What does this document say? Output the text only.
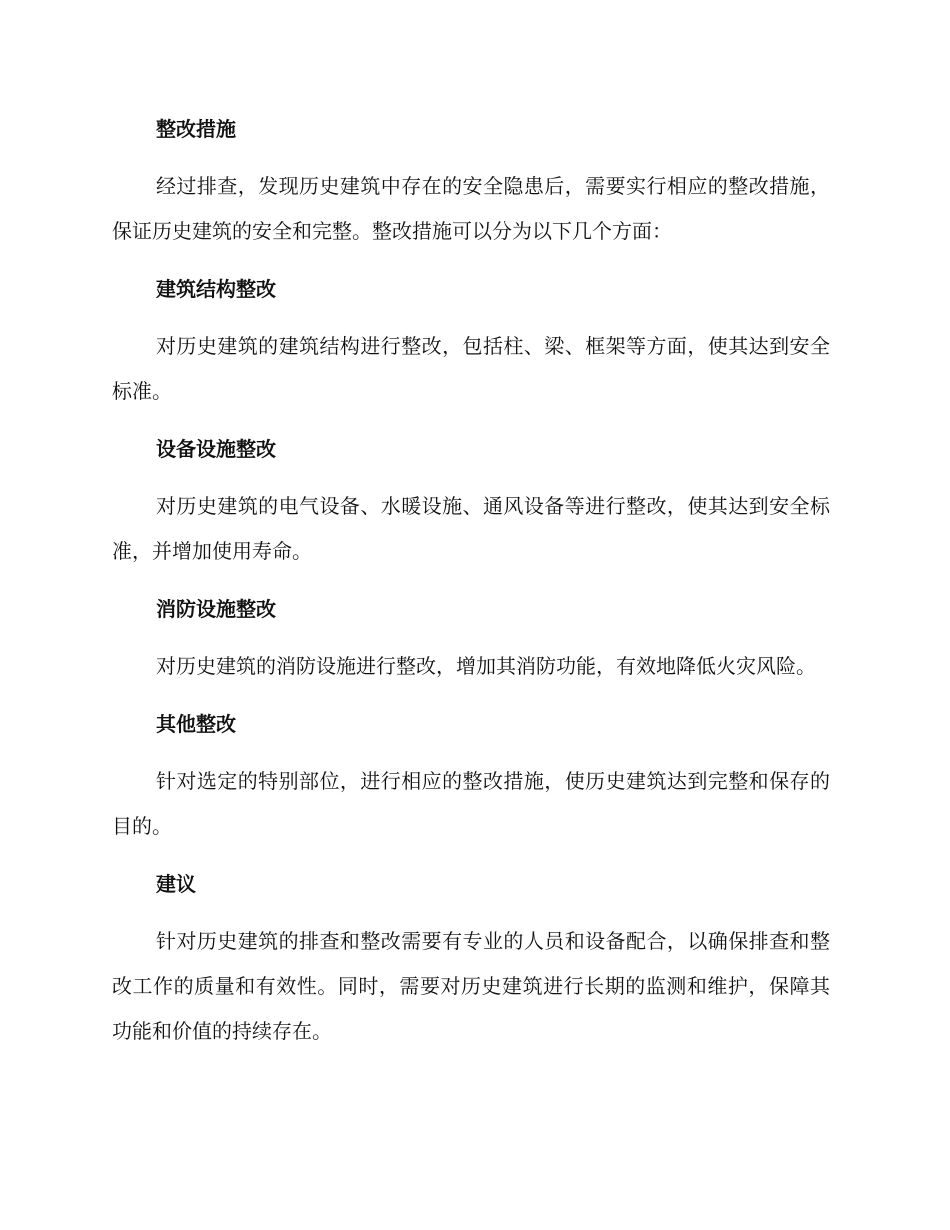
整改措施

经过排查，发现历史建筑中存在的安全隐患后，需要实行相应的整改措施，保证历史建筑的安全和完整。整改措施可以分为以下几个方面：

建筑结构整改

对历史建筑的建筑结构进行整改，包括柱、梁、框架等方面，使其达到安全标准。

设备设施整改

对历史建筑的电气设备、水暖设施、通风设备等进行整改，使其达到安全标准，并增加使用寿命。

消防设施整改

对历史建筑的消防设施进行整改，增加其消防功能，有效地降低火灾风险。

其他整改

针对选定的特别部位，进行相应的整改措施，使历史建筑达到完整和保存的目的。

建议

针对历史建筑的排查和整改需要有专业的人员和设备配合，以确保排查和整改工作的质量和有效性。同时，需要对历史建筑进行长期的监测和维护，保障其功能和价值的持续存在。
